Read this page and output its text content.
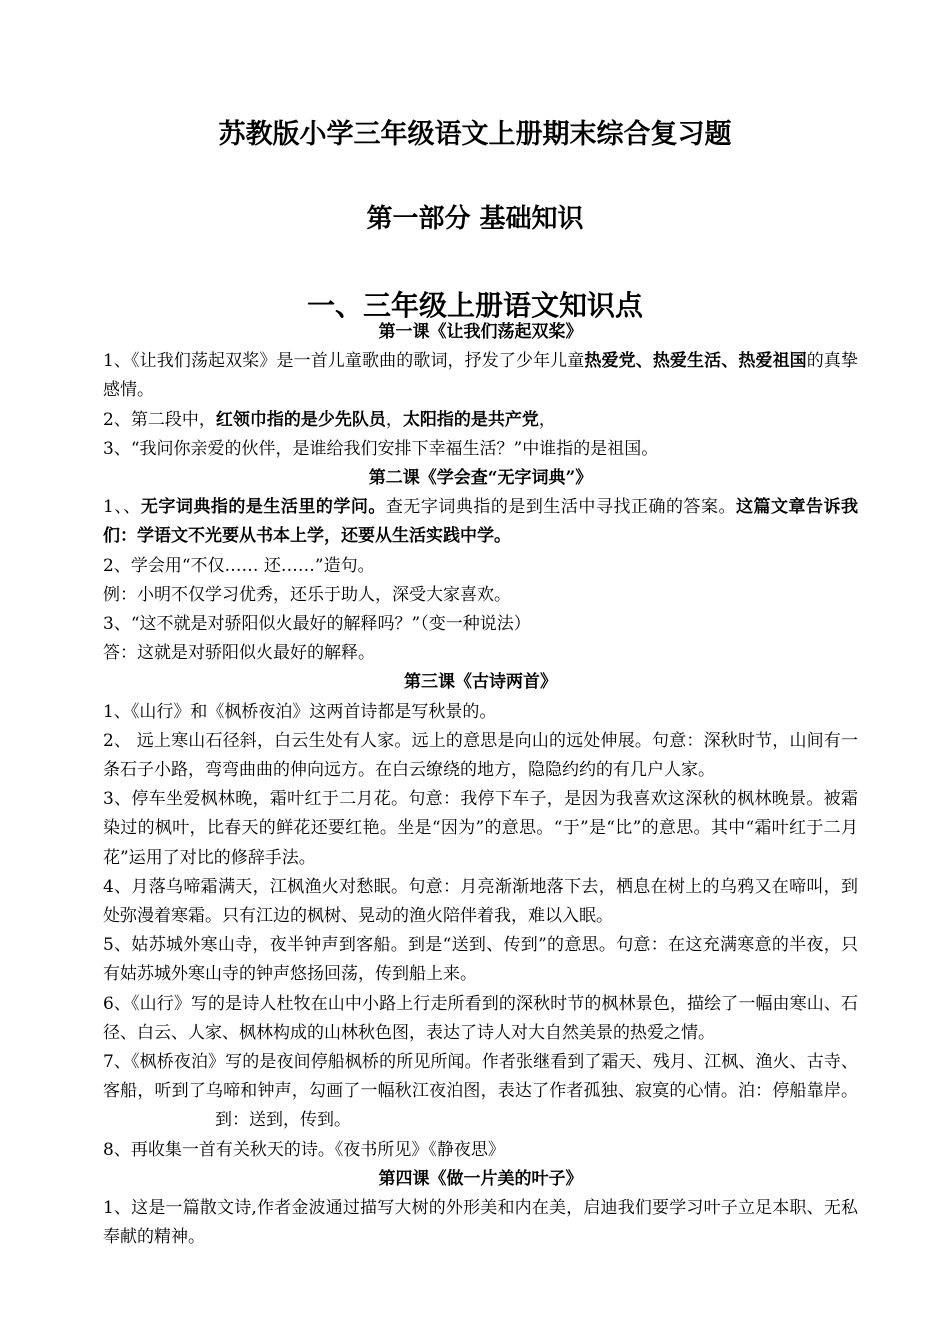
苏教版小学三年级语文上册期末综合复习题
第一部分 基础知识
一、三年级上册语文知识点
第一课《让我们荡起双桨》

1、《让我们荡起双桨》是一首儿童歌曲的歌词，抒发了少年儿童热爱党、热爱生活、热爱祖国的真挚感情。

2、第二段中，红领巾指的是少先队员，太阳指的是共产党，

3、“我问你亲爱的伙伴，是谁给我们安排下幸福生活？”中谁指的是祖国。

第二课《学会查“无字词典”》

1、、无字词典指的是生活里的学问。查无字词典指的是到生活中寻找正确的答案。这篇文章告诉我们：学语文不光要从书本上学，还要从生活实践中学。

2、学会用“不仅…… 还……”造句。

例：小明不仅学习优秀，还乐于助人，深受大家喜欢。

3、“这不就是对骄阳似火最好的解释吗？”（变一种说法）

答：这就是对骄阳似火最好的解释。

第三课《古诗两首》

1、《山行》和《枫桥夜泊》这两首诗都是写秋景的。

2、 远上寒山石径斜，白云生处有人家。远上的意思是向山的远处伸展。句意：深秋时节，山间有一条石子小路，弯弯曲曲的伸向远方。在白云缭绕的地方，隐隐约约的有几户人家。

3、停车坐爱枫林晚，霜叶红于二月花。句意：我停下车子，是因为我喜欢这深秋的枫林晚景。被霜染过的枫叶，比春天的鲜花还要红艳。坐是“因为”的意思。“于”是“比”的意思。其中“霜叶红于二月花”运用了对比的修辞手法。

4、月落乌啼霜满天，江枫渔火对愁眠。句意：月亮渐渐地落下去，栖息在树上的乌鸦又在啼叫，到处弥漫着寒霜。只有江边的枫树、晃动的渔火陪伴着我，难以入眠。

5、姑苏城外寒山寺，夜半钟声到客船。到是“送到、传到”的意思。句意：在这充满寒意的半夜，只有姑苏城外寒山寺的钟声悠扬回荡，传到船上来。

6、《山行》写的是诗人杜牧在山中小路上行走所看到的深秋时节的枫林景色，描绘了一幅由寒山、石径、白云、人家、枫林构成的山林秋色图，表达了诗人对大自然美景的热爱之情。

7、《枫桥夜泊》写的是夜间停船枫桥的所见所闻。作者张继看到了霜天、残月、江枫、渔火、古寺、客船，听到了乌啼和钟声，勾画了一幅秋江夜泊图，表达了作者孤独、寂寞的心情。泊：停船靠岸。到：送到，传到。

8、再收集一首有关秋天的诗。《夜书所见》《静夜思》

第四课《做一片美的叶子》

1、这是一篇散文诗,作者金波通过描写大树的外形美和内在美，启迪我们要学习叶子立足本职、无私奉献的精神。
